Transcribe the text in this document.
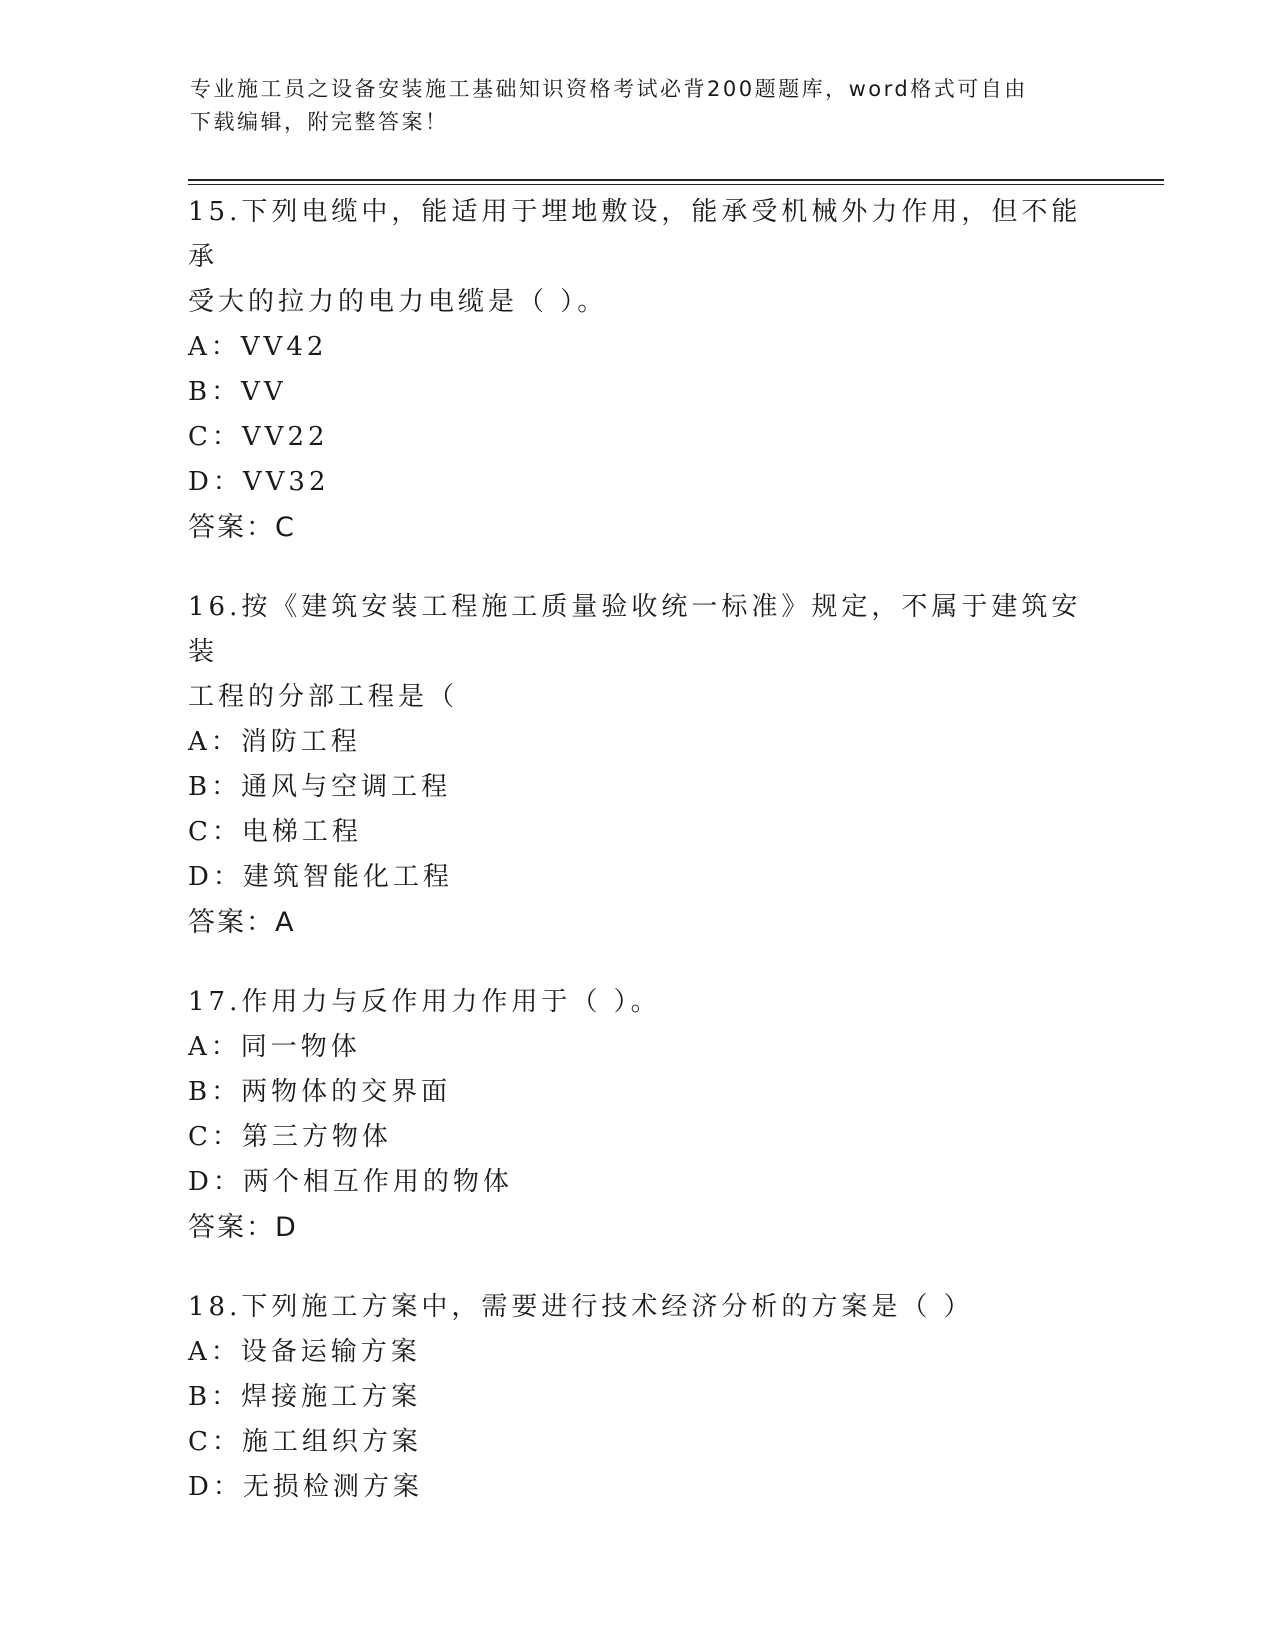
专业施工员之设备安装施工基础知识资格考试必背200题题库，word格式可自由
下载编辑，附完整答案！
15.下列电缆中，能适用于埋地敷设，能承受机械外力作用，但不能承
受大的拉力的电力电缆是（ ）。
A：VV42
B：VV
C：VV22
D：VV32
答案：C
16.按《建筑安装工程施工质量验收统一标准》规定，不属于建筑安装
工程的分部工程是（
A：消防工程
B：通风与空调工程
C：电梯工程
D：建筑智能化工程
答案：A
17.作用力与反作用力作用于（ ）。
A：同一物体
B：两物体的交界面
C：第三方物体
D：两个相互作用的物体
答案：D
18.下列施工方案中，需要进行技术经济分析的方案是（ ）
A：设备运输方案
B：焊接施工方案
C：施工组织方案
D：无损检测方案
